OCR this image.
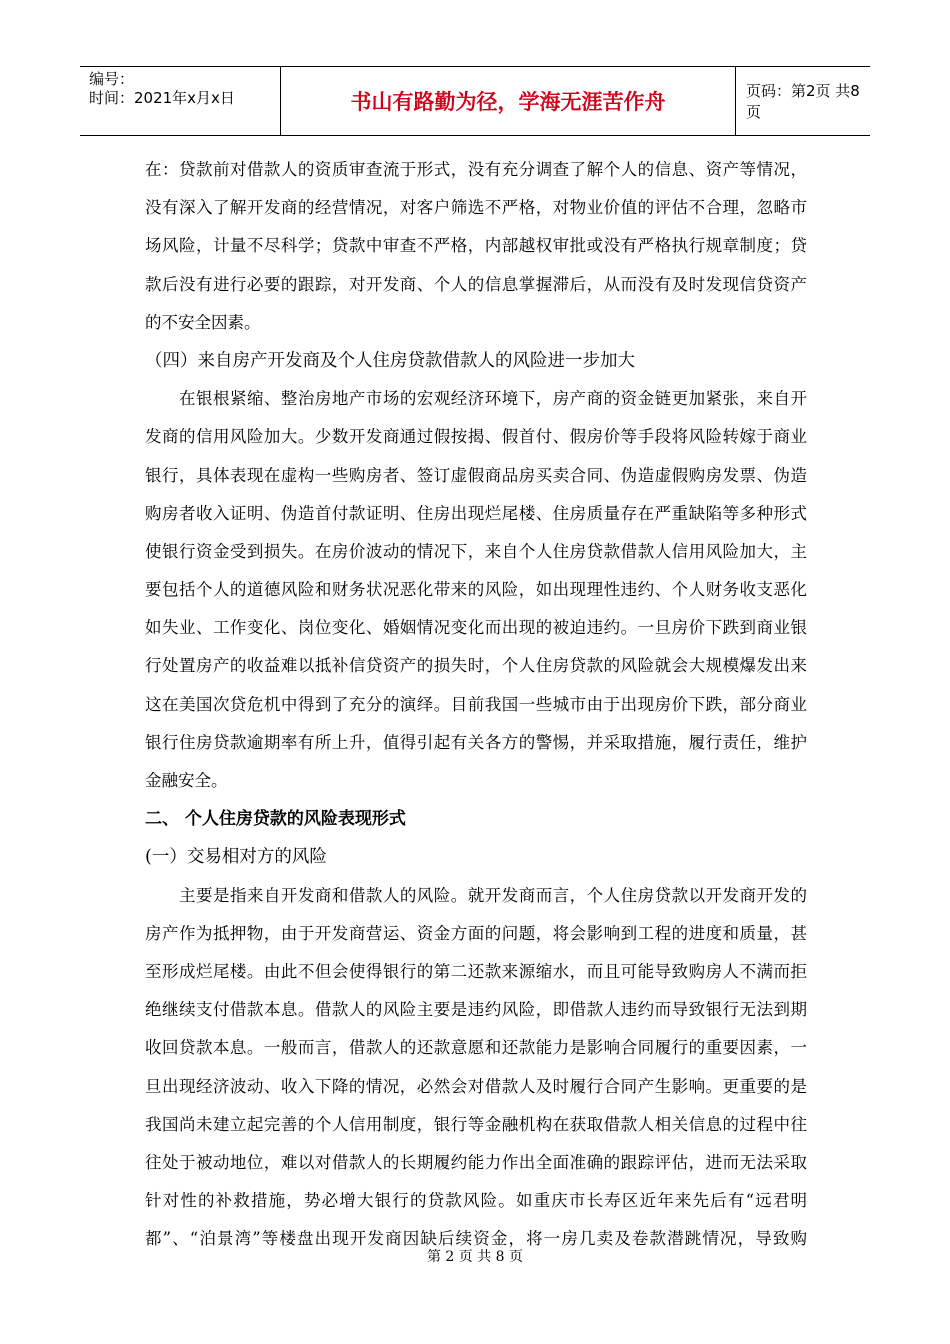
编号：
时间：2021年x月x日	书山有路勤为径，学海无涯苦作舟	页码：第2页 共8页
在：贷款前对借款人的资质审查流于形式，没有充分调查了解个人的信息、资产等情况，
没有深入了解开发商的经营情况，对客户筛选不严格，对物业价值的评估不合理，忽略市
场风险，计量不尽科学；贷款中审查不严格，内部越权审批或没有严格执行规章制度；贷
款后没有进行必要的跟踪，对开发商、个人的信息掌握滞后，从而没有及时发现信贷资产
的不安全因素。
（四）来自房产开发商及个人住房贷款借款人的风险进一步加大
在银根紧缩、整治房地产市场的宏观经济环境下，房产商的资金链更加紧张，来自开
发商的信用风险加大。少数开发商通过假按揭、假首付、假房价等手段将风险转嫁于商业
银行，具体表现在虚构一些购房者、签订虚假商品房买卖合同、伪造虚假购房发票、伪造
购房者收入证明、伪造首付款证明、住房出现烂尾楼、住房质量存在严重缺陷等多种形式
使银行资金受到损失。在房价波动的情况下，来自个人住房贷款借款人信用风险加大，主
要包括个人的道德风险和财务状况恶化带来的风险，如出现理性违约、个人财务收支恶化
如失业、工作变化、岗位变化、婚姻情况变化而出现的被迫违约。一旦房价下跌到商业银
行处置房产的收益难以抵补信贷资产的损失时，个人住房贷款的风险就会大规模爆发出来
这在美国次贷危机中得到了充分的演绎。目前我国一些城市由于出现房价下跌，部分商业
银行住房贷款逾期率有所上升，值得引起有关各方的警惕，并采取措施，履行责任，维护
金融安全。
二、 个人住房贷款的风险表现形式
(一）交易相对方的风险
主要是指来自开发商和借款人的风险。就开发商而言，个人住房贷款以开发商开发的
房产作为抵押物，由于开发商营运、资金方面的问题，将会影响到工程的进度和质量，甚
至形成烂尾楼。由此不但会使得银行的第二还款来源缩水，而且可能导致购房人不满而拒
绝继续支付借款本息。借款人的风险主要是违约风险，即借款人违约而导致银行无法到期
收回贷款本息。一般而言，借款人的还款意愿和还款能力是影响合同履行的重要因素，一
旦出现经济波动、收入下降的情况，必然会对借款人及时履行合同产生影响。更重要的是
我国尚未建立起完善的个人信用制度，银行等金融机构在获取借款人相关信息的过程中往
往处于被动地位，难以对借款人的长期履约能力作出全面准确的跟踪评估，进而无法采取
针对性的补救措施，势必增大银行的贷款风险。如重庆市长寿区近年来先后有“远君明
都”、“泊景湾”等楼盘出现开发商因缺后续资金，将一房几卖及卷款潜跳情况，导致购
第 2 页 共 8 页
